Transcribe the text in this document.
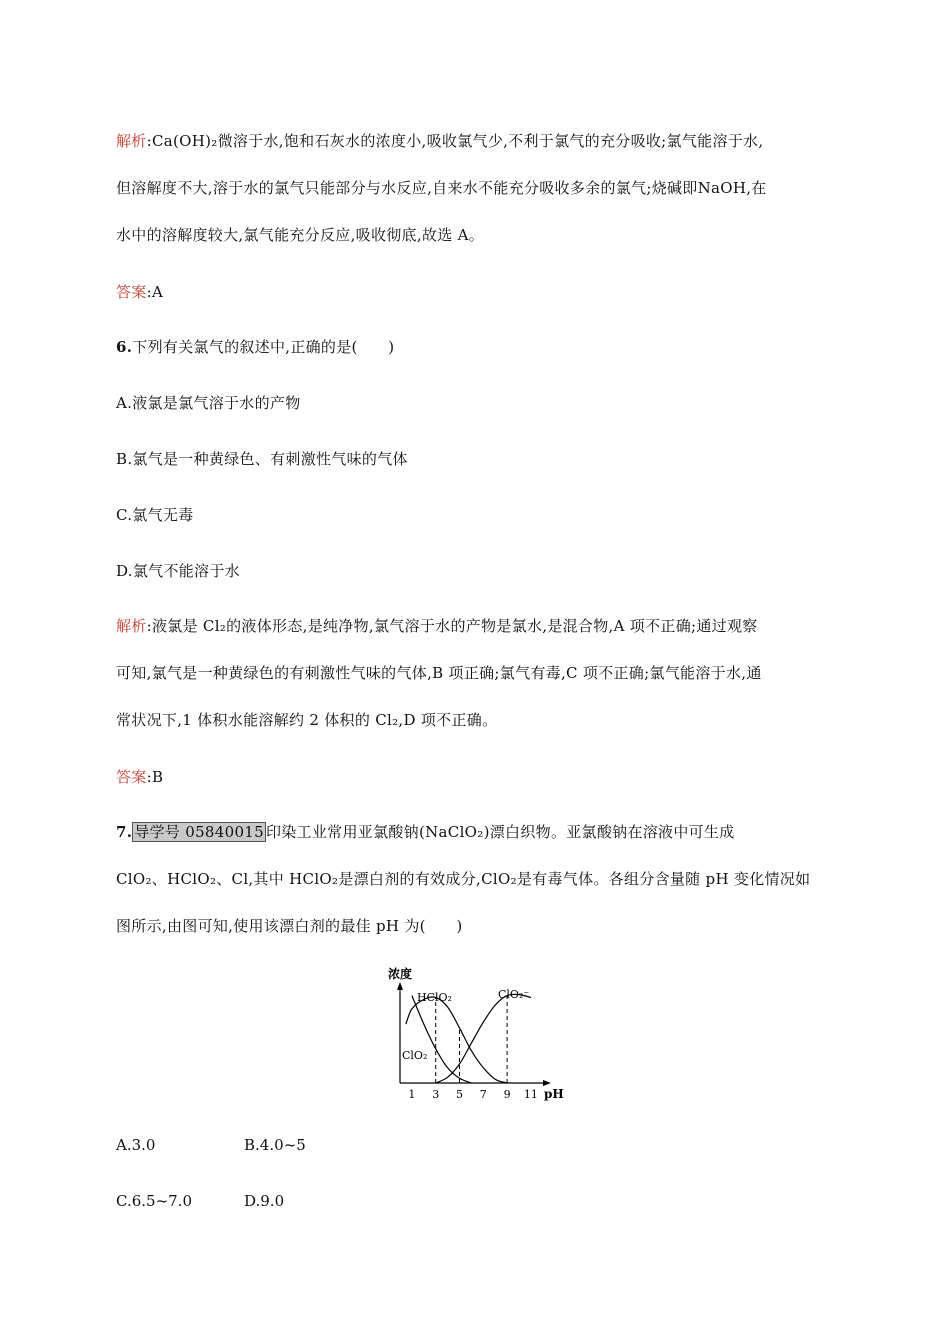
解析:Ca(OH)₂微溶于水,饱和石灰水的浓度小,吸收氯气少,不利于氯气的充分吸收;氯气能溶于水,
但溶解度不大,溶于水的氯气只能部分与水反应,自来水不能充分吸收多余的氯气;烧碱即NaOH,在
水中的溶解度较大,氯气能充分反应,吸收彻底,故选 A。
答案:A
6.下列有关氯气的叙述中,正确的是(　　)
A.液氯是氯气溶于水的产物
B.氯气是一种黄绿色、有刺激性气味的气体
C.氯气无毒
D.氯气不能溶于水
解析:液氯是 Cl₂的液体形态,是纯净物,氯气溶于水的产物是氯水,是混合物,A 项不正确;通过观察
可知,氯气是一种黄绿色的有刺激性气味的气体,B 项正确;氯气有毒,C 项不正确;氯气能溶于水,通
常状况下,1 体积水能溶解约 2 体积的 Cl₂,D 项不正确。
答案:B
7. 导学号 05840015 印染工业常用亚氯酸钠(NaClO₂)漂白织物。亚氯酸钠在溶液中可生成
ClO₂、HClO₂、Cl,其中 HClO₂是漂白剂的有效成分,ClO₂是有毒气体。各组分含量随 pH 变化情况如
图所示,由图可知,使用该漂白剂的最佳 pH 为(　　)
浓度
pH
1 3 5 7 9 11
HClO₂	ClO₂⁻
ClO₂
A.3.0	B.4.0~5
C.6.5~7.0	D.9.0
